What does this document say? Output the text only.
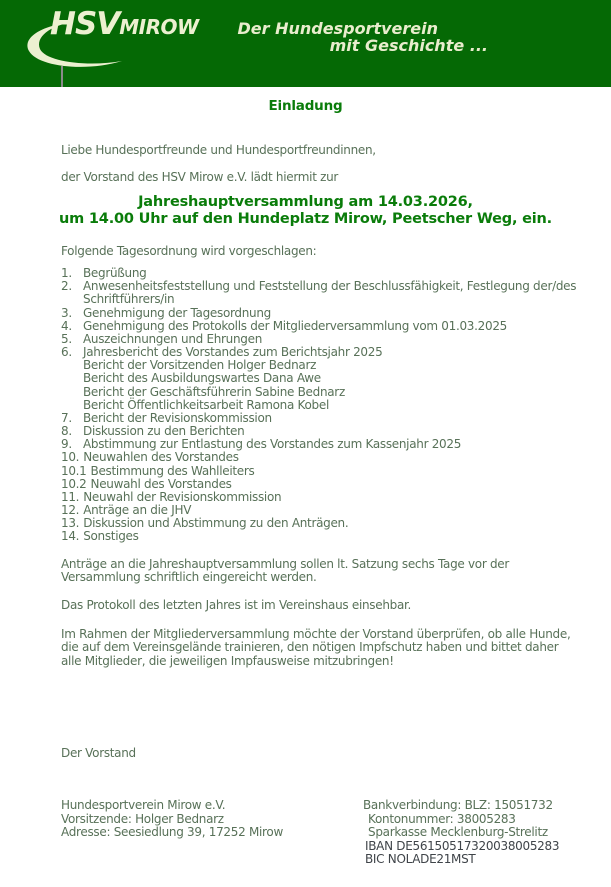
HSVMIROW Der Hundesportverein
mit Geschichte ...
Einladung
Liebe Hundesportfreunde und Hundesportfreundinnen,
der Vorstand des HSV Mirow e.V. lädt hiermit zur
Jahreshauptversammlung am 14.03.2026,
um 14.00 Uhr auf den Hundeplatz Mirow, Peetscher Weg, ein.
Folgende Tagesordnung wird vorgeschlagen:
1. Begrüßung
2. Anwesenheitsfeststellung und Feststellung der Beschlussfähigkeit, Festlegung der/des
Schriftführers/in
3. Genehmigung der Tagesordnung
4. Genehmigung des Protokolls der Mitgliederversammlung vom 01.03.2025
5. Auszeichnungen und Ehrungen
6. Jahresbericht des Vorstandes zum Berichtsjahr 2025
Bericht der Vorsitzenden Holger Bednarz
Bericht des Ausbildungswartes Dana Awe
Bericht der Geschäftsführerin Sabine Bednarz
Bericht Öffentlichkeitsarbeit Ramona Kobel
7. Bericht der Revisionskommission
8. Diskussion zu den Berichten
9. Abstimmung zur Entlastung des Vorstandes zum Kassenjahr 2025
10. Neuwahlen des Vorstandes
10.1 Bestimmung des Wahlleiters
10.2 Neuwahl des Vorstandes
11. Neuwahl der Revisionskommission
12. Anträge an die JHV
13. Diskussion und Abstimmung zu den Anträgen.
14. Sonstiges
Anträge an die Jahreshauptversammlung sollen lt. Satzung sechs Tage vor der
Versammlung schriftlich eingereicht werden.
Das Protokoll des letzten Jahres ist im Vereinshaus einsehbar.
Im Rahmen der Mitgliederversammlung möchte der Vorstand überprüfen, ob alle Hunde,
die auf dem Vereinsgelände trainieren, den nötigen Impfschutz haben und bittet daher
alle Mitglieder, die jeweiligen Impfausweise mitzubringen!
Der Vorstand
Hundesportverein Mirow e.V.
Vorsitzende: Holger Bednarz
Adresse: Seesiedlung 39, 17252 Mirow
Bankverbindung: BLZ: 15051732
Kontonummer: 38005283
Sparkasse Mecklenburg-Strelitz
IBAN DE56150517320038005283
BIC NOLADE21MST
